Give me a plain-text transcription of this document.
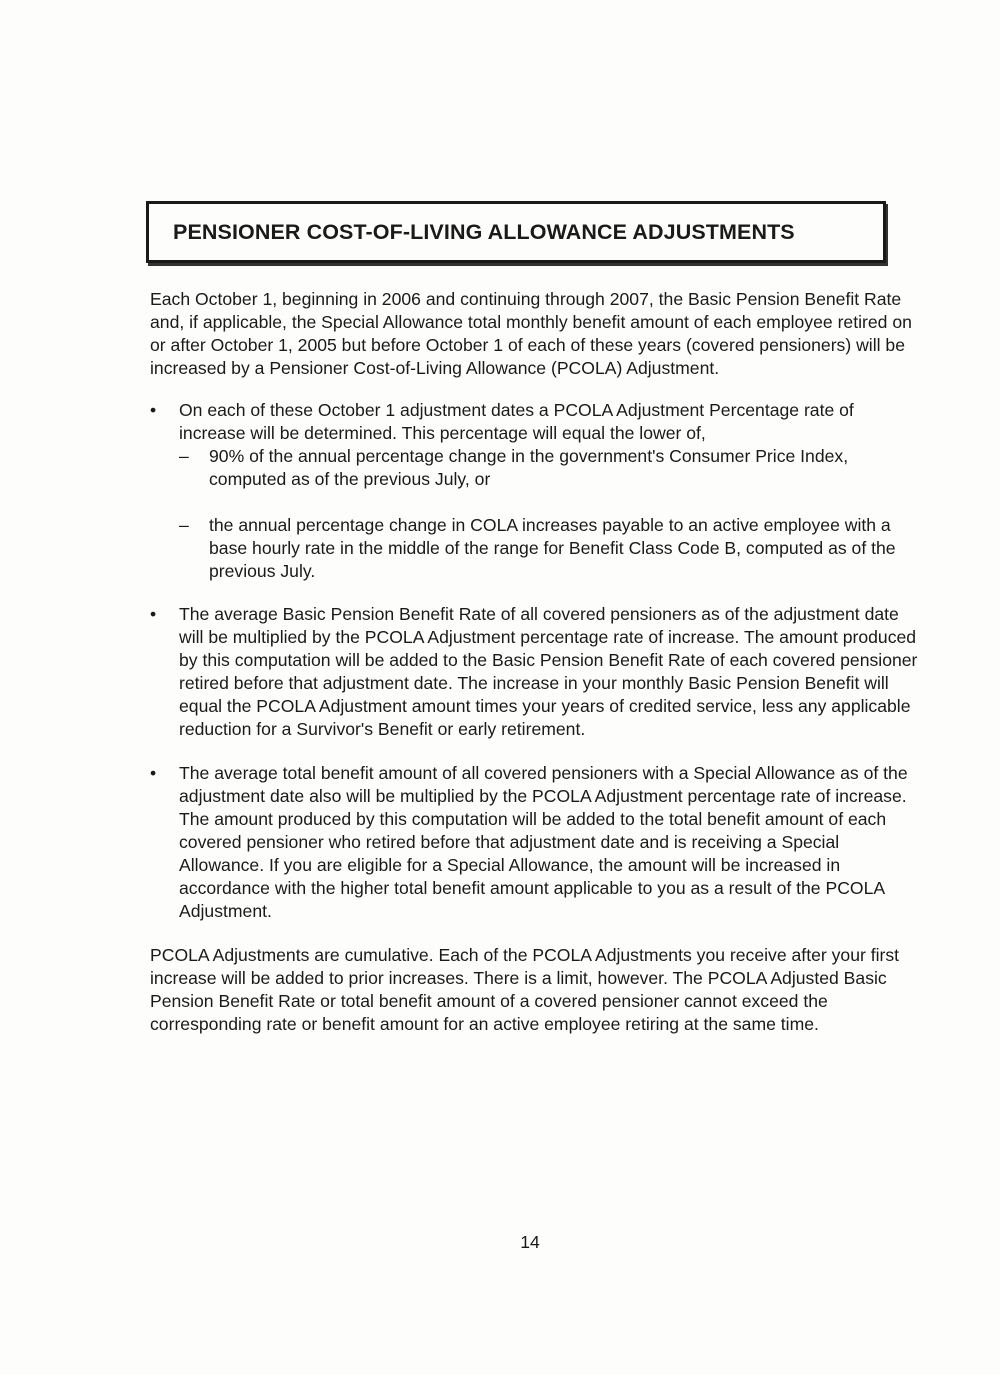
PENSIONER COST-OF-LIVING ALLOWANCE ADJUSTMENTS

Each October 1, beginning in 2006 and continuing through 2007, the Basic Pension Benefit Rate and, if applicable, the Special Allowance total monthly benefit amount of each employee retired on or after October 1, 2005 but before October 1 of each of these years (covered pensioners) will be increased by a Pensioner Cost-of-Living Allowance (PCOLA) Adjustment.

•	On each of these October 1 adjustment dates a PCOLA Adjustment Percentage rate of increase will be determined. This percentage will equal the lower of,

– 90% of the annual percentage change in the government's Consumer Price Index, computed as of the previous July, or

– the annual percentage change in COLA increases payable to an active employee with a base hourly rate in the middle of the range for Benefit Class Code B, computed as of the previous July.

•	The average Basic Pension Benefit Rate of all covered pensioners as of the adjustment date will be multiplied by the PCOLA Adjustment percentage rate of increase. The amount produced by this computation will be added to the Basic Pension Benefit Rate of each covered pensioner retired before that adjustment date. The increase in your monthly Basic Pension Benefit will equal the PCOLA Adjustment amount times your years of credited service, less any applicable reduction for a Survivor's Benefit or early retirement.

•	The average total benefit amount of all covered pensioners with a Special Allowance as of the adjustment date also will be multiplied by the PCOLA Adjustment percentage rate of increase. The amount produced by this computation will be added to the total benefit amount of each covered pensioner who retired before that adjustment date and is receiving a Special Allowance. If you are eligible for a Special Allowance, the amount will be increased in accordance with the higher total benefit amount applicable to you as a result of the PCOLA Adjustment.

PCOLA Adjustments are cumulative. Each of the PCOLA Adjustments you receive after your first increase will be added to prior increases. There is a limit, however. The PCOLA Adjusted Basic Pension Benefit Rate or total benefit amount of a covered pensioner cannot exceed the corresponding rate or benefit amount for an active employee retiring at the same time.

14
